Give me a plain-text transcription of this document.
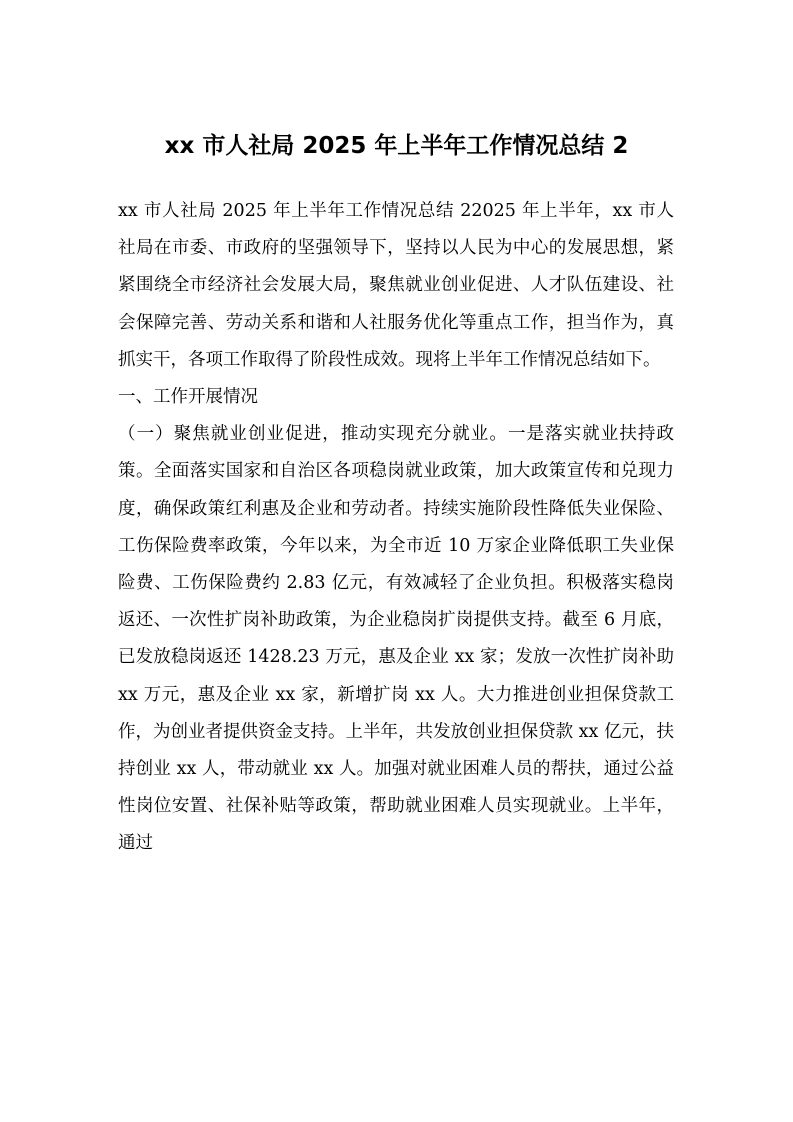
xx 市人社局 2025 年上半年工作情况总结 2

xx 市人社局 2025 年上半年工作情况总结 22025 年上半年，xx 市人社局在市委、市政府的坚强领导下，坚持以人民为中心的发展思想，紧紧围绕全市经济社会发展大局，聚焦就业创业促进、人才队伍建设、社会保障完善、劳动关系和谐和人社服务优化等重点工作，担当作为，真抓实干，各项工作取得了阶段性成效。现将上半年工作情况总结如下。

一、工作开展情况

（一）聚焦就业创业促进，推动实现充分就业。一是落实就业扶持政策。全面落实国家和自治区各项稳岗就业政策，加大政策宣传和兑现力度，确保政策红利惠及企业和劳动者。持续实施阶段性降低失业保险、工伤保险费率政策，今年以来，为全市近 10 万家企业降低职工失业保险费、工伤保险费约 2.83 亿元，有效减轻了企业负担。积极落实稳岗返还、一次性扩岗补助政策，为企业稳岗扩岗提供支持。截至 6 月底，已发放稳岗返还 1428.23 万元，惠及企业 xx 家；发放一次性扩岗补助 xx 万元，惠及企业 xx 家，新增扩岗 xx 人。大力推进创业担保贷款工作，为创业者提供资金支持。上半年，共发放创业担保贷款 xx 亿元，扶持创业 xx 人，带动就业 xx 人。加强对就业困难人员的帮扶，通过公益性岗位安置、社保补贴等政策，帮助就业困难人员实现就业。上半年，通过
